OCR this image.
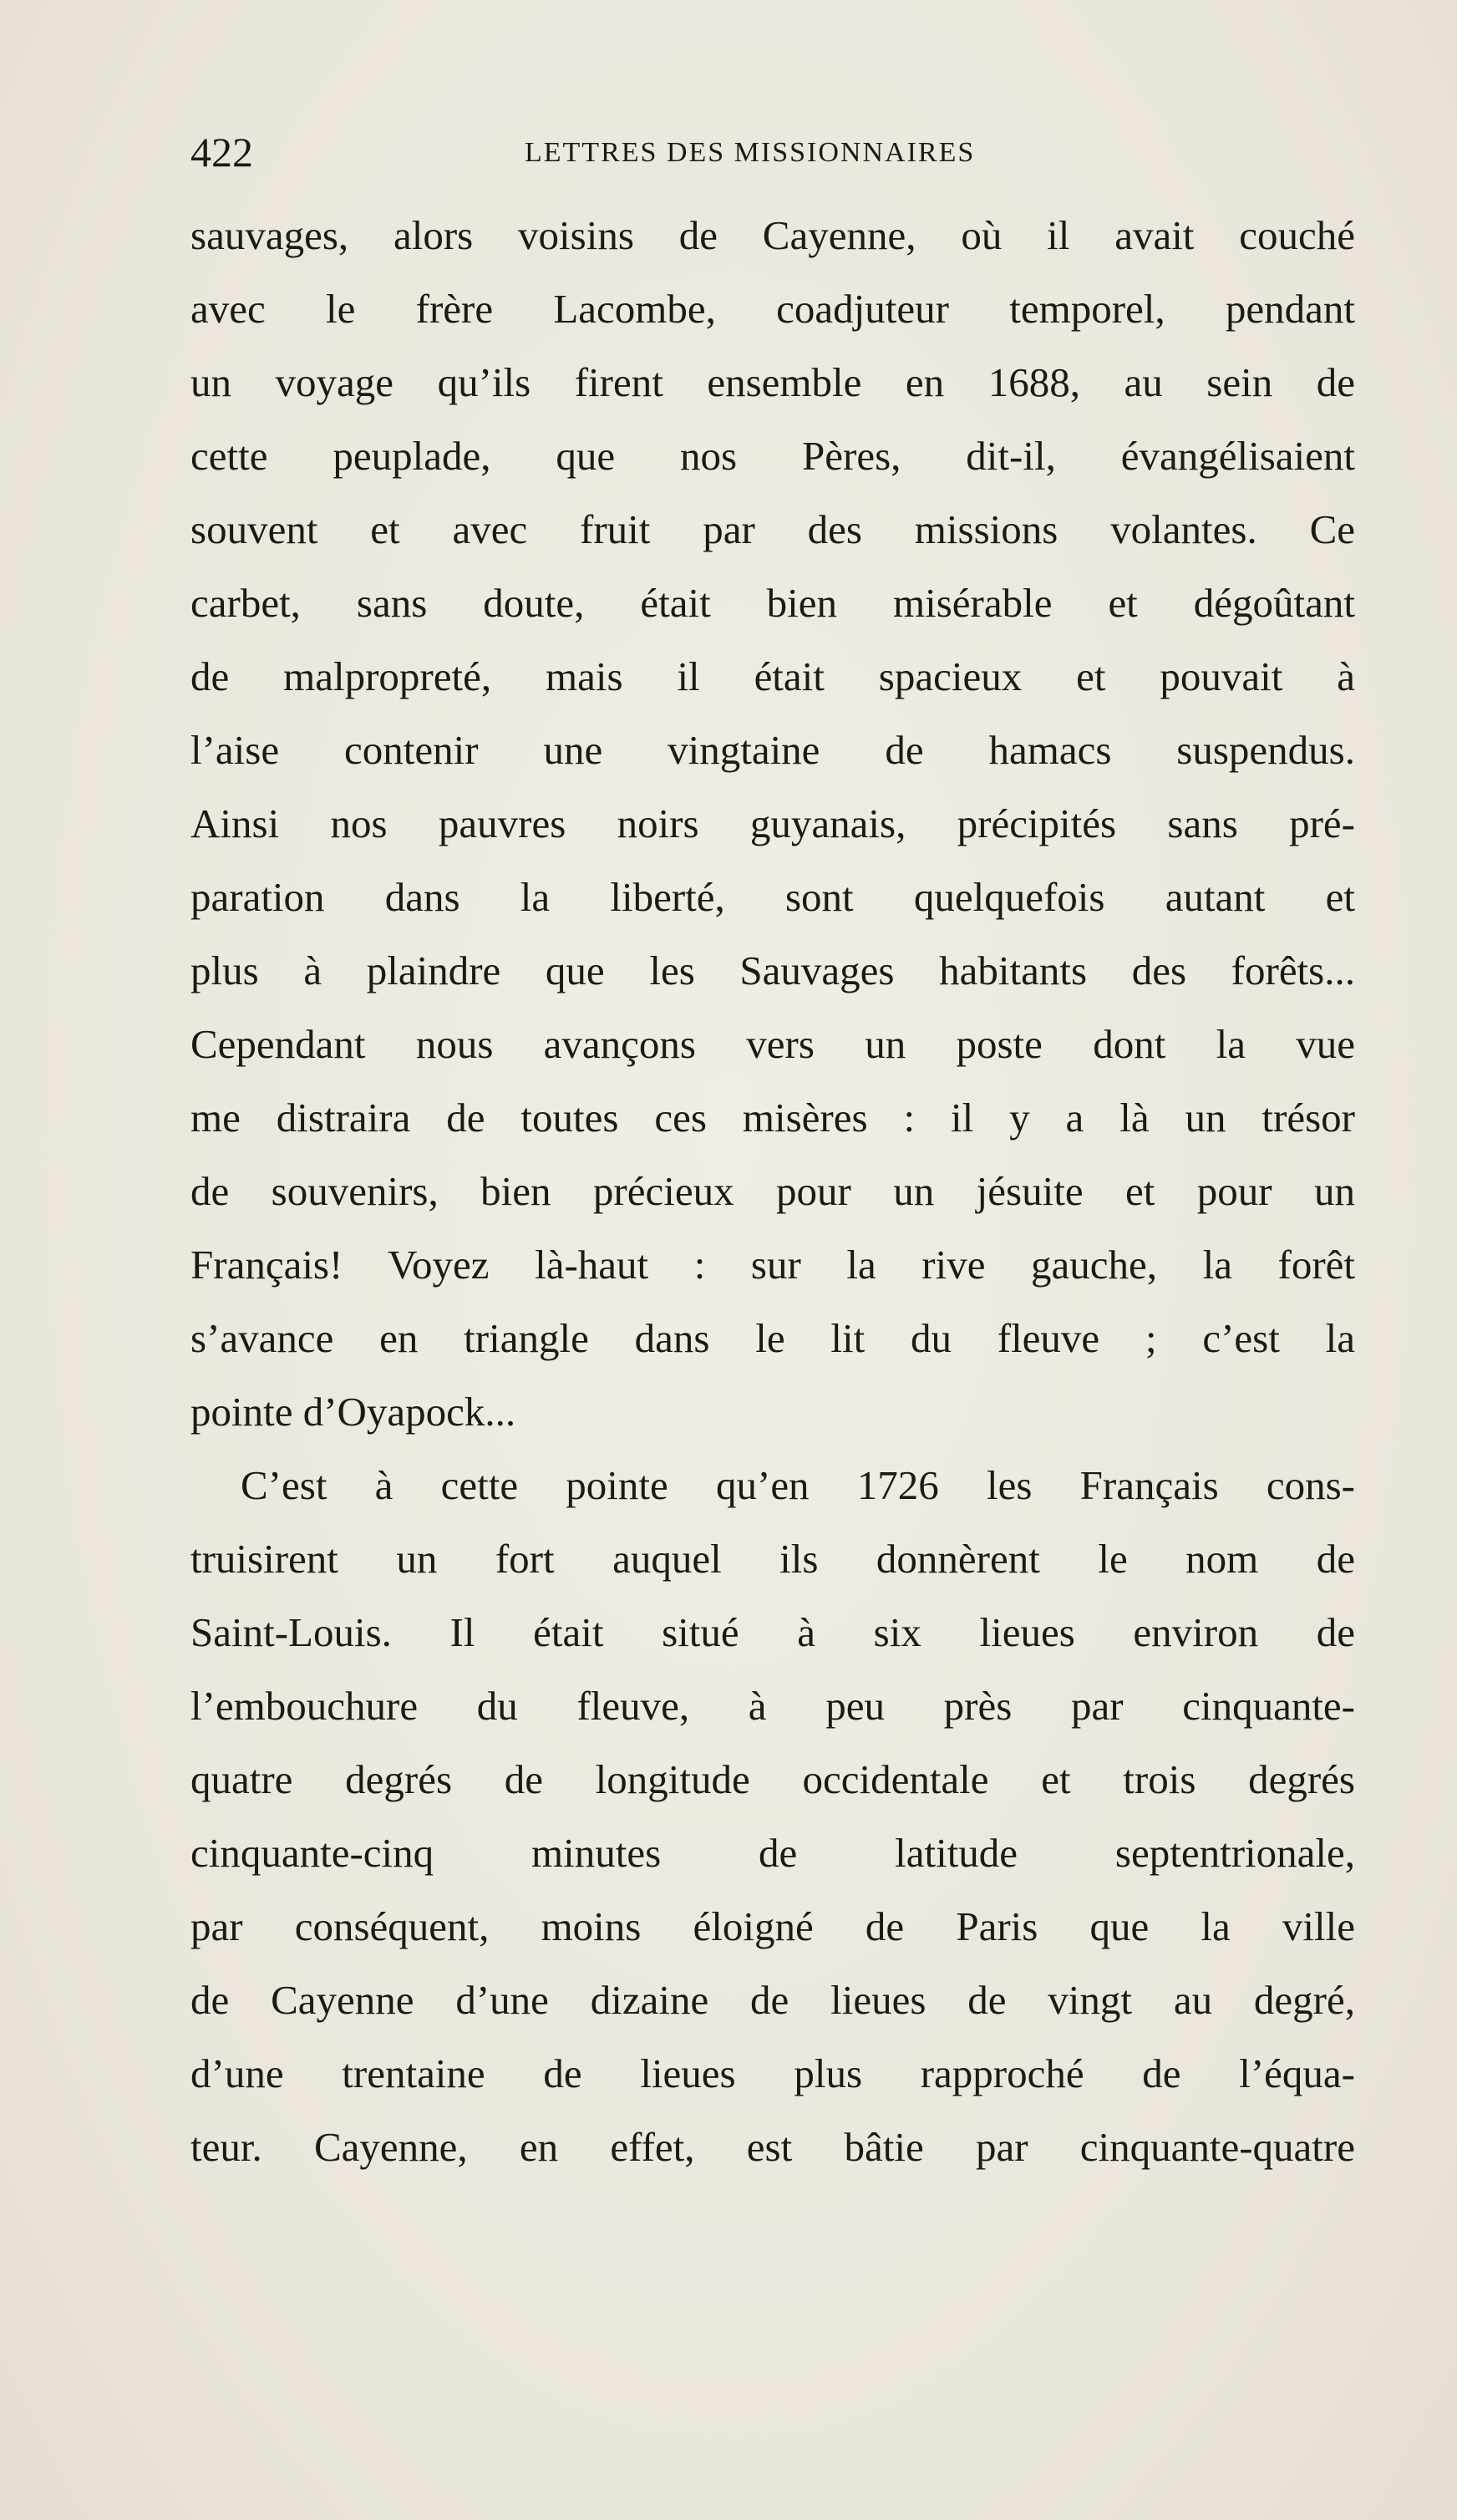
422	LETTRES DES MISSIONNAIRES
sauvages, alors voisins de Cayenne, où il avait couché
avec le frère Lacombe, coadjuteur temporel, pendant
un voyage qu’ils firent ensemble en 1688, au sein de
cette peuplade, que nos Pères, dit-il, évangélisaient
souvent et avec fruit par des missions volantes. Ce
carbet, sans doute, était bien misérable et dégoûtant
de malpropreté, mais il était spacieux et pouvait à
l’aise contenir une vingtaine de hamacs suspendus.
Ainsi nos pauvres noirs guyanais, précipités sans pré-
paration dans la liberté, sont quelquefois autant et
plus à plaindre que les Sauvages habitants des forêts...
Cependant nous avançons vers un poste dont la vue
me distraira de toutes ces misères : il y a là un trésor
de souvenirs, bien précieux pour un jésuite et pour un
Français! Voyez là-haut : sur la rive gauche, la forêt
s’avance en triangle dans le lit du fleuve ; c’est la
pointe d’Oyapock...
C’est à cette pointe qu’en 1726 les Français cons-
truisirent un fort auquel ils donnèrent le nom de
Saint-Louis. Il était situé à six lieues environ de
l’embouchure du fleuve, à peu près par cinquante-
quatre degrés de longitude occidentale et trois degrés
cinquante-cinq minutes de latitude septentrionale,
par conséquent, moins éloigné de Paris que la ville
de Cayenne d’une dizaine de lieues de vingt au degré,
d’une trentaine de lieues plus rapproché de l’équa-
teur. Cayenne, en effet, est bâtie par cinquante-quatre
